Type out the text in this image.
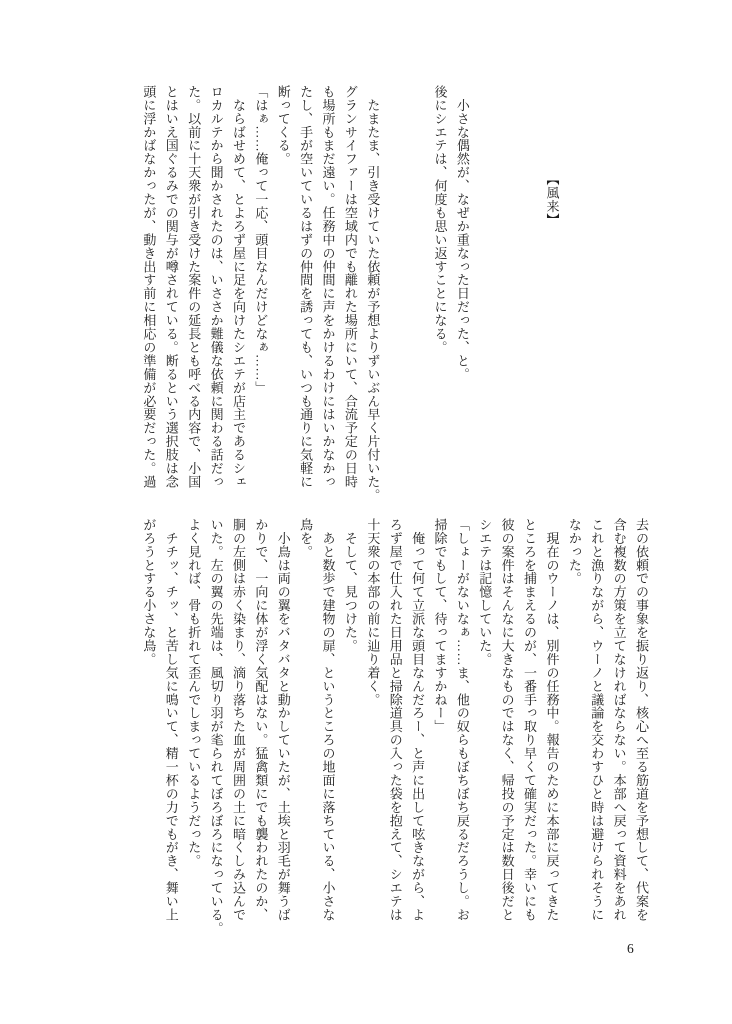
　　　　　　　【風来】
　小さな偶然が、なぜか重なった日だった、と。
後にシエテは、何度も思い返すことになる。
　たまたま、引き受けていた依頼が予想よりずいぶん早く片付いた。
グランサイファーは空域内でも離れた場所にいて、合流予定の日時
も場所もまだ遠い。任務中の仲間に声をかけるわけにはいかなかっ
たし、手が空いているはずの仲間を誘っても、いつも通りに気軽に
断ってくる。
「はぁ……俺って一応、頭目なんだけどなぁ……」
　ならばせめて、とよろず屋に足を向けたシエテが店主であるシェ
ロカルテから聞かされたのは、いささか難儀な依頼に関わる話だっ
た。以前に十天衆が引き受けた案件の延長とも呼べる内容で、小国
とはいえ国ぐるみでの関与が噂されている。断るという選択肢は念
頭に浮かばなかったが、動き出す前に相応の準備が必要だった。過
去の依頼での事象を振り返り、核心へ至る筋道を予想して、代案を
含む複数の方策を立てなければならない。本部へ戻って資料をあれ
これと漁りながら、ウーノと議論を交わすひと時は避けられそうに
なかった。
　現在のウーノは、別件の任務中。報告のために本部に戻ってきた
ところを捕まえるのが、一番手っ取り早くて確実だった。幸いにも
彼の案件はそんなに大きなものではなく、帰投の予定は数日後だと
シエテは記憶していた。
「しょーがないなぁ……ま、他の奴らもぼちぼち戻るだろうし。お
掃除でもして、待ってますかねー」
　俺って何て立派な頭目なんだろー、と声に出して呟きながら、よ
ろず屋で仕入れた日用品と掃除道具の入った袋を抱えて、シエテは
十天衆の本部の前に辿り着く。
　そして、見つけた。
　あと数歩で建物の扉、というところの地面に落ちている、小さな
鳥を。
　小鳥は両の翼をバタバタと動かしていたが、土埃と羽毛が舞うば
かりで、一向に体が浮く気配はない。猛禽類にでも襲われたのか、
胴の左側は赤く染まり、滴り落ちた血が周囲の土に暗くしみ込んで
いた。左の翼の先端は、風切り羽が毟られてぼろぼろになっている。
よく見れば、骨も折れて歪んでしまっているようだった。
　チチッ、チッ、と苦し気に鳴いて、精一杯の力でもがき、舞い上
がろうとする小さな鳥。
6
